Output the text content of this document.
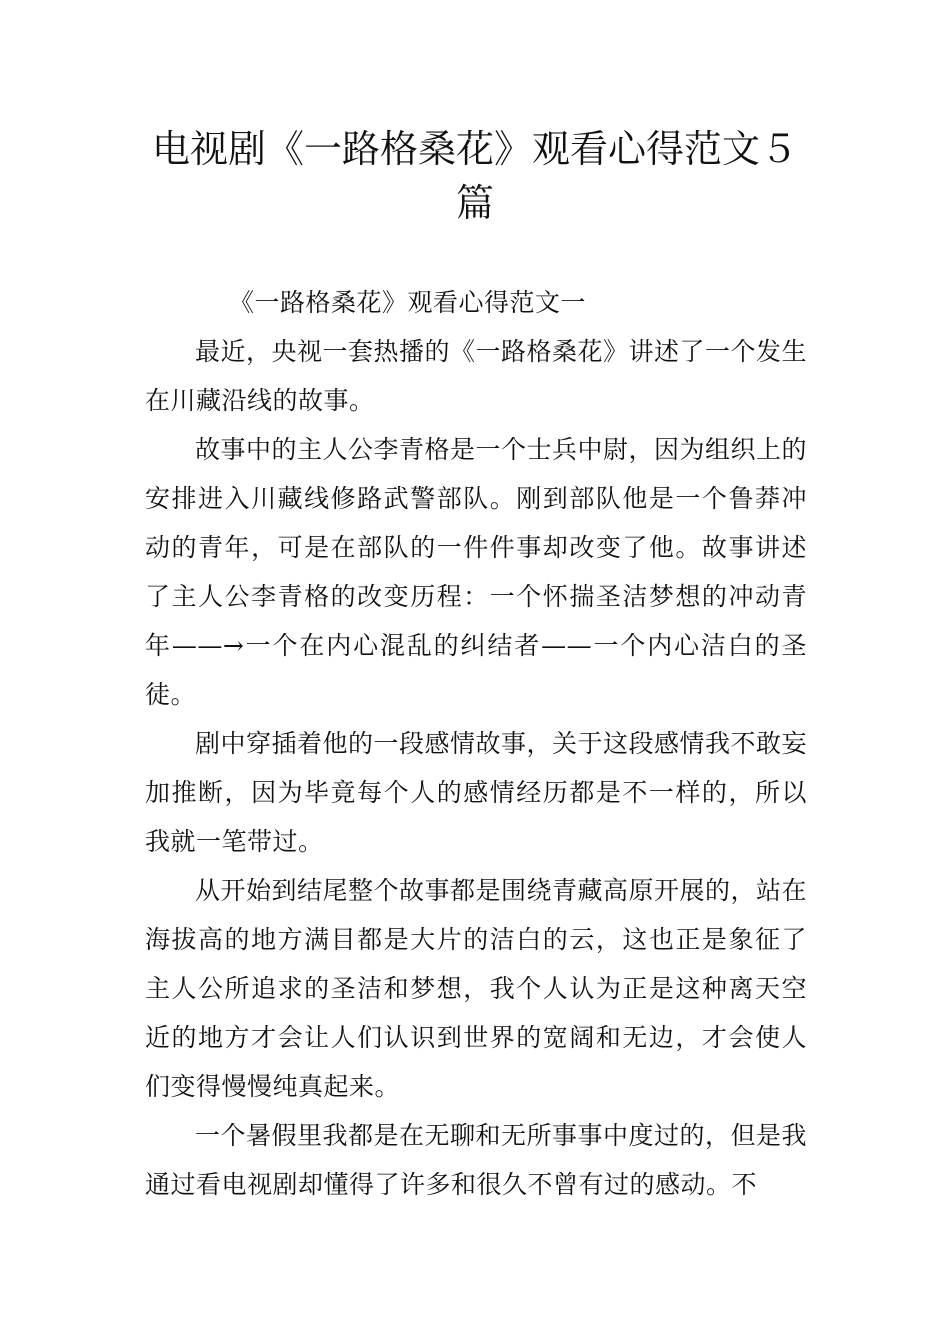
电视剧《一路格桑花》观看心得范文５篇

《一路格桑花》观看心得范文一

最近，央视一套热播的《一路格桑花》讲述了一个发生在川藏沿线的故事。

故事中的主人公李青格是一个士兵中尉，因为组织上的安排进入川藏线修路武警部队。刚到部队他是一个鲁莽冲动的青年，可是在部队的一件件事却改变了他。故事讲述了主人公李青格的改变历程：一个怀揣圣洁梦想的冲动青年——→一个在内心混乱的纠结者——一个内心洁白的圣徒。

剧中穿插着他的一段感情故事，关于这段感情我不敢妄加推断，因为毕竟每个人的感情经历都是不一样的，所以我就一笔带过。

从开始到结尾整个故事都是围绕青藏高原开展的，站在海拔高的地方满目都是大片的洁白的云，这也正是象征了主人公所追求的圣洁和梦想，我个人认为正是这种离天空近的地方才会让人们认识到世界的宽阔和无边，才会使人们变得慢慢纯真起来。

一个暑假里我都是在无聊和无所事事中度过的，但是我通过看电视剧却懂得了许多和很久不曾有过的感动。不
